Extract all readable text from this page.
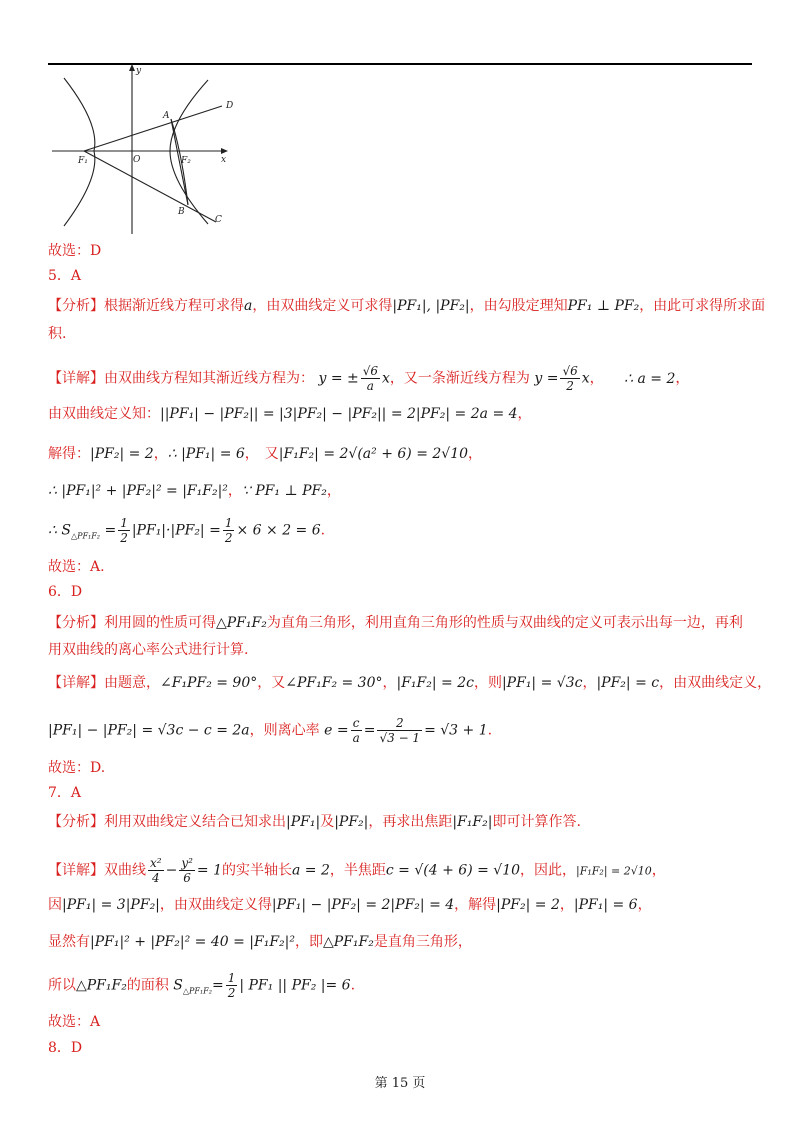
y
x
A
D
F₁	O	F₂
B
C
故选：D
5．A
【分析】根据渐近线方程可求得a，由双曲线定义可求得|PF₁|, |PF₂|，由勾股定理知PF₁ ⊥ PF₂，由此可求得所求面
积.
【详解】由双曲线方程知其渐近线方程为： y = ± $\frac{√6}{a}$ x，又一条渐近线方程为 $y = \frac{√6}{2}$ x， ∴ a = 2，
由双曲线定义知：||PF₁| − |PF₂|| = |3|PF₂| − |PF₂|| = 2|PF₂| = 2a = 4，
解得：|PF₂| = 2，∴ |PF₁| = 6， 又|F₁F₂| = 2√(a² + 6) = 2√10，
∴ |PF₁|² + |PF₂|² = |F₁F₂|²，∵ PF₁ ⊥ PF₂，
∴ $S_{\triangle PF_1F_2} = \frac{1}{2} |PF_1|\cdot|PF_2| = \frac{1}{2} \times 6 \times 2 = 6$.
故选：A.
6．D
【分析】利用圆的性质可得△PF₁F₂为直角三角形，利用直角三角形的性质与双曲线的定义可表示出每一边，再利
用双曲线的离心率公式进行计算.
【详解】由题意，∠F₁PF₂ = 90°，又∠PF₁F₂ = 30°，|F₁F₂| = 2c，则|PF₁| = √3c，|PF₂| = c，由双曲线定义，
|PF₁| − |PF₂| = √3c − c = 2a，则离心率 $e = \frac{c}{a} = \frac{2}{√3 - 1} = √3 + 1$.
故选：D.
7．A
【分析】利用双曲线定义结合已知求出|PF₁|及|PF₂|，再求出焦距|F₁F₂|即可计算作答.
【详解】双曲线 $\frac{\text{x²}}{4} - \frac{\text{y²}}{6} = 1$的实半轴长a = 2，半焦距c = √(4 + 6) = √10，因此，|F₁F₂| = 2√10，
因|PF₁| = 3|PF₂|，由双曲线定义得|PF₁| − |PF₂| = 2|PF₂| = 4，解得|PF₂| = 2，|PF₁| = 6，
显然有|PF₁|² + |PF₂|² = 40 = |F₁F₂|²，即△PF₁F₂是直角三角形，
所以△PF₁F₂的面积 $S_{\triangle PF_1F_2}= \frac{1}{2}$ | PF₁ || PF₂ |= 6.
故选：A
8．D
第 15 页
